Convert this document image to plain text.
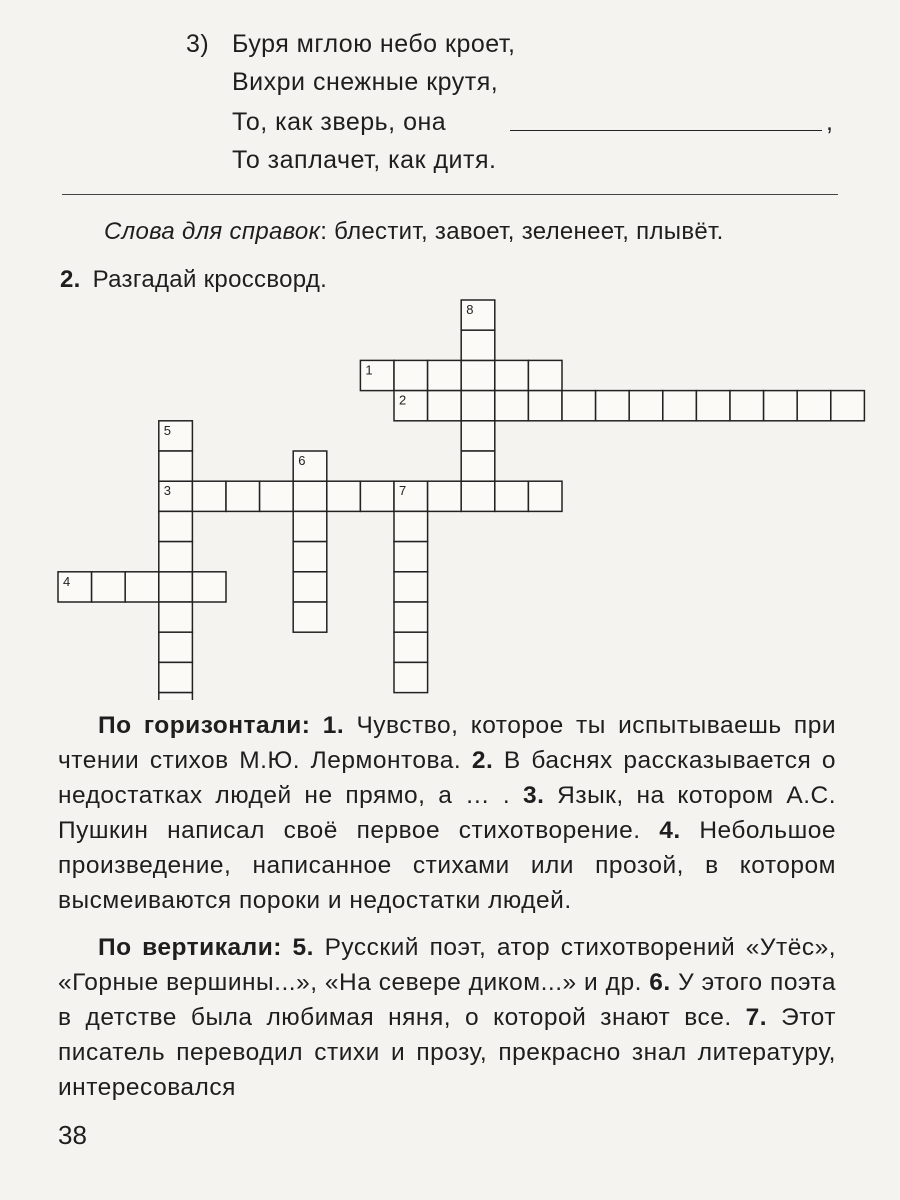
3) Буря мглою небо кроет,
Вихри снежные крутя,
То, как зверь, она	,
То заплачет, как дитя.
Слова для справок: блестит, завоет, зеленеет, плывёт.
2. Разгадай кроссворд.
1
2
3
4
5
6
7
8

По горизонтали: 1. Чувство, которое ты испытываешь при чтении стихов М.Ю. Лермонтова. 2. В баснях рассказывается о недостатках людей не прямо, а … . 3. Язык, на котором А.С. Пушкин написал своё первое стихотворение. 4. Небольшое произведение, написанное стихами или прозой, в котором высмеиваются пороки и недостатки людей.

По вертикали: 5. Русский поэт, атор стихотворений «Утёс», «Горные вершины...», «На севере диком...» и др. 6. У этого поэта в детстве была любимая няня, о которой знают все. 7. Этот писатель переводил стихи и прозу, прекрасно знал литературу, интересовался

38
